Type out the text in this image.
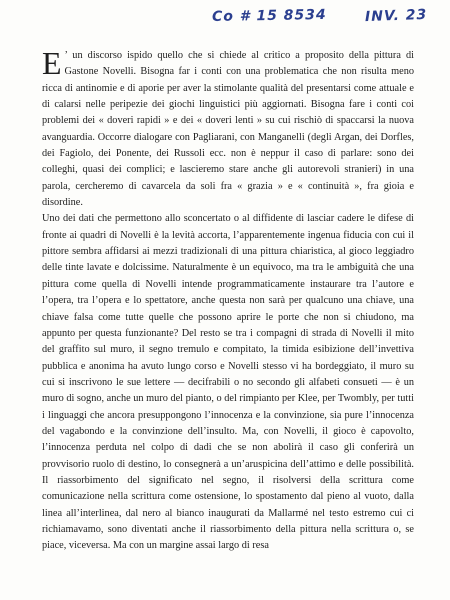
Co # 15 8534	INV. 23

E ’ un discorso ispido quello che si chiede al critico a proposito della pittura di Gastone Novelli. Bisogna far i conti con una problematica che non risulta meno ricca di antinomie e di aporie per aver la stimolante qualità del presentarsi come attuale e di calarsi nelle peripezie dei giochi linguistici più aggiornati. Bisogna fare i conti coi problemi dei « doveri rapidi » e dei « doveri lenti » su cui rischiò di spaccarsi la nuova avanguardia. Occorre dialogare con Pagliarani, con Manganelli (degli Argan, dei Dorfles, dei Fagiolo, dei Ponente, dei Russoli ecc. non è neppur il caso di parlare: sono dei colleghi, quasi dei complici; e lascieremo stare anche gli autorevoli stranieri) in una parola, cercheremo di cavarcela da soli fra « grazia » e « continuità », fra gioia e disordine.

Uno dei dati che permettono allo sconcertato o al diffidente di lasciar cadere le difese di fronte ai quadri di Novelli è la levità accorta, l’apparentemente ingenua fiducia con cui il pittore sembra affidarsi ai mezzi tradizionali di una pittura chiaristica, al gioco leggiadro delle tinte lavate e dolcissime. Naturalmente è un equivoco, ma tra le ambiguità che una pittura come quella di Novelli intende programmaticamente instaurare tra l’autore e l’opera, tra l’opera e lo spettatore, anche questa non sarà per qualcuno una chiave, una chiave falsa come tutte quelle che possono aprire le porte che non si chiudono, ma appunto per questa funzionante? Del resto se tra i compagni di strada di Novelli il mito del graffito sul muro, il segno tremulo e compitato, la timida esibizione dell’invettiva pubblica e anonima ha avuto lungo corso e Novelli stesso vi ha bordeggiato, il muro su cui si inscrivono le sue lettere — decifrabili o no secondo gli alfabeti consueti — è un muro di sogno, anche un muro del pianto, o del rimpianto per Klee, per Twombly, per tutti i linguaggi che ancora presuppongono l’innocenza e la convinzione, sia pure l’innocenza del vagabondo e la convinzione dell’insulto. Ma, con Novelli, il gioco è capovolto, l’innocenza perduta nel colpo di dadi che se non abolirà il caso gli conferirà un provvisorio ruolo di destino, lo consegnerà a un’aruspicina dell’attimo e delle possibilità. Il riassorbimento del significato nel segno, il risolversi della scrittura come comunicazione nella scrittura come ostensione, lo spostamento dal pieno al vuoto, dalla linea all’interlinea, dal nero al bianco inaugurati da Mallarmé nel testo estremo cui ci richiamavamo, sono diventati anche il riassorbimento della pittura nella scrittura o, se piace, viceversa. Ma con un margine assai largo di resa
